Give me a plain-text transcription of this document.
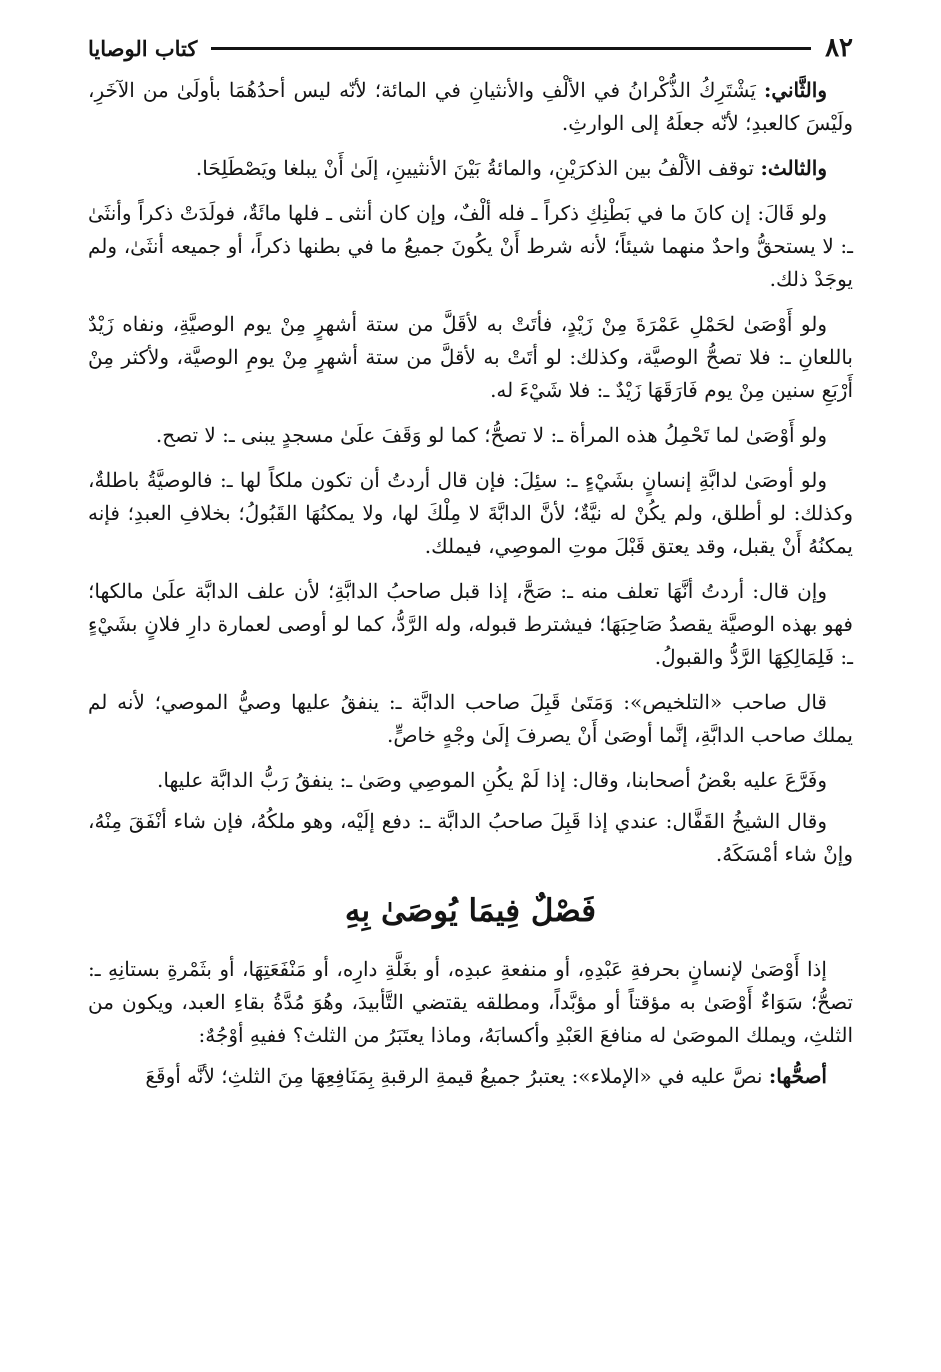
٨٢
كتاب الوصايا

والثَّاني: يَشْتَرِكُ الذُّكْرانُ في الألْفِ والأنثيانِ في المائة؛ لأنّه ليس أحدُهُمَا بأولَىٰ من الآخَرِ، ولَيْسَ كالعبدِ؛ لأنّه جعلَهُ إلى الوارثِ.

والثالث: توقف الألْفُ بين الذكرَيْنِ، والمائةُ بَيْنَ الأنثيينِ، إلَىٰ أَنْ يبلغا ويَصْطَلِحَا.

ولو قَالَ: إن كانَ ما في بَطْنِكِ ذكراً ـ فله ألْفٌ، وإن كان أنثى ـ فلها مائَةٌ، فولَدَتْ ذكراً وأنثَىٰ ـ: لا يستحقُّ واحدٌ منهما شيئاً؛ لأنه شرط أَنْ يكُونَ جميعُ ما في بطنها ذكراً، أو جميعه أنثَىٰ، ولم يوجَدْ ذلك.

ولو أَوْصَىٰ لحَمْلِ عَمْرَةَ مِنْ زَيْدٍ، فأتَتْ به لأقَلَّ من ستة أشهرٍ مِنْ يوم الوصيَّةِ، ونفاه زَيْدٌ باللعانِ ـ: فلا تصحُّ الوصيَّة، وكذلك: لو أتَتْ به لأقلَّ من ستة أشهرٍ مِنْ يومِ الوصيَّة، ولأكثر مِنْ أَرْبَعِ سنين مِنْ يوم فَارَقَهَا زَيْدٌ ـ: فلا شَيْءَ له.

ولو أَوْصَىٰ لما تَحْمِلُ هذه المرأة ـ: لا تصحُّ؛ كما لو وَقَفَ علَىٰ مسجدٍ يبنى ـ: لا تصح.

ولو أوصَىٰ لدابَّةِ إنسانٍ بشَيْءٍ ـ: سئِلَ: فإن قال أردتُ أن تكون ملكاً لها ـ: فالوصيَّةُ باطلةٌ، وكذلك: لو أطلق، ولم يكُنْ له نيَّةٌ؛ لأنَّ الدابَّةَ لا مِلْكَ لها، ولا يمكنُهَا القَبُولُ؛ بخلافِ العبدِ؛ فإنه يمكنُهُ أَنْ يقبل، وقد يعتق قَبْلَ موتِ الموصِي، فيملك.

وإن قال: أردتُ أنَّهَا تعلف منه ـ: صَحَّ، إذا قبل صاحبُ الدابَّةِ؛ لأن علف الدابَّة علَىٰ مالكها؛ فهو بهذه الوصيَّة يقصدُ صَاحِبَهَا؛ فيشترط قبوله، وله الرَّدُّ، كما لو أوصى لعمارة دارِ فلانٍ بشَيْءٍ ـ: فَلِمَالِكِهَا الرَّدُّ والقبولُ.

قال صاحب «التلخيص»: وَمَتَىٰ قَبِلَ صاحب الدابَّة ـ: ينفقُ عليها وصيُّ الموصي؛ لأنه لم يملك صاحب الدابَّةِ، إنَّما أوصَىٰ أَنْ يصرفَ إلَىٰ وجْهٍ خاصٍّ.

وفَرَّعَ عليه بعْضُ أصحابنا، وقال: إذا لَمْ يكُنِ الموصِي وصَىٰ ـ: ينفقُ رَبُّ الدابَّة عليها.

وقال الشيخُ القَفَّال: عندي إذا قَبِلَ صاحبُ الدابَّة ـ: دفع إلَيْه، وهو ملكُهُ، فإن شاء أنْفَقَ مِنْهُ، وإنْ شاء أمْسَكَهُ.

فَصْلٌ فِيمَا يُوصَىٰ بِهِ

إذا أَوْصَىٰ لإنسانٍ بحرفةِ عَبْدِهِ، أو منفعةِ عبدِه، أو بغَلَّةِ دارِه، أو مَنْفَعَتِهَا، أو بثَمْرةِ بستانِهِ ـ: تصحُّ؛ سَوَاءٌ أَوْصَىٰ به مؤقتاً أو مؤبَّداً، ومطلقه يقتضي التَّأبيدَ، وهُوَ مُدَّةُ بقاءِ العبد، ويكون من الثلثِ، ويملك الموصَىٰ له منافعَ العَبْدِ وأكسابَهُ، وماذا يعتَبَرُ من الثلث؟ ففيهِ أوْجُهٌ:

أصحُّها: نصَّ عليه في «الإملاء»: يعتبرُ جميعُ قيمةِ الرقبةِ بِمَنَافِعِهَا مِنَ الثلثِ؛ لأنَّه أوقَعَ
